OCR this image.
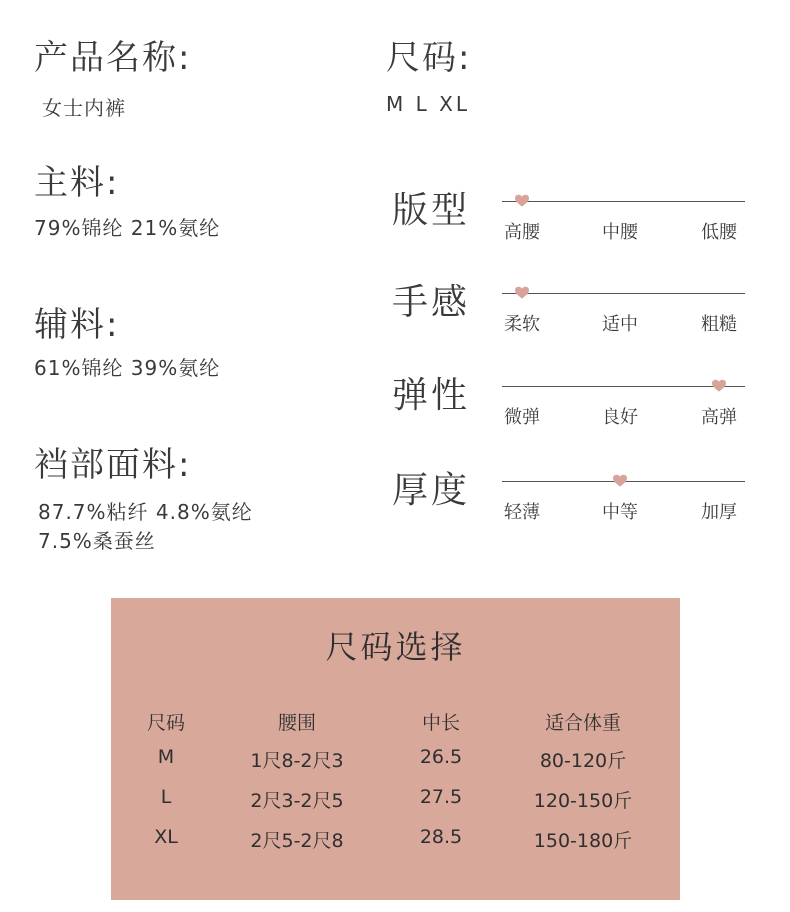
产品名称:
女士内裤
主料:
79%锦纶 21%氨纶
辅料:
61%锦纶 39%氨纶
裆部面料:
87.7%粘纤 4.8%氨纶
7.5%桑蚕丝
尺码:
M L XL
版型
高腰	中腰	低腰
手感
柔软	适中	粗糙
弹性
微弹	良好	高弹
厚度
轻薄	中等	加厚
尺码选择
尺码	腰围	中长	适合体重
M	1尺8-2尺3	26.5	80-120斤
L	2尺3-2尺5	27.5	120-150斤
XL	2尺5-2尺8	28.5	150-180斤
